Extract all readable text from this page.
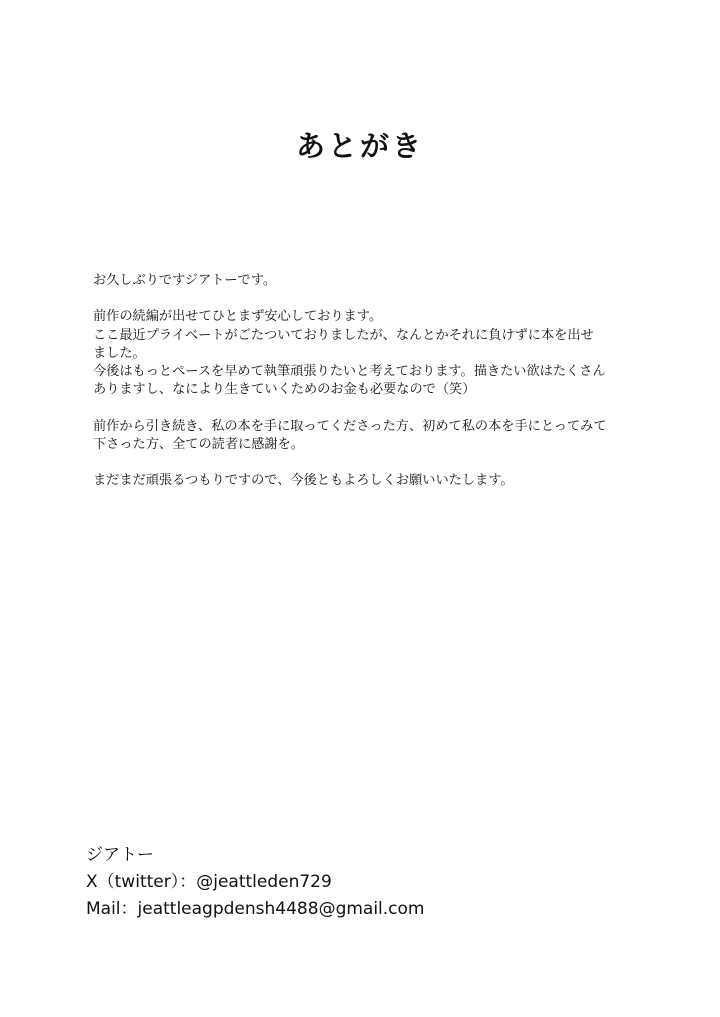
あとがき

お久しぶりですジアトーです。

前作の続編が出せてひとまず安心しております。
ここ最近プライベートがごたついておりましたが、なんとかそれに負けずに本を出せ
ました。
今後はもっとペースを早めて執筆頑張りたいと考えております。描きたい欲はたくさん
ありますし、なにより生きていくためのお金も必要なので（笑）

前作から引き続き、私の本を手に取ってくださった方、初めて私の本を手にとってみて
下さった方、全ての読者に感謝を。

まだまだ頑張るつもりですので、今後ともよろしくお願いいたします。

ジアトー
X（twitter）：@jeattleden729
Mail：jeattleagpdensh4488@gmail.com
